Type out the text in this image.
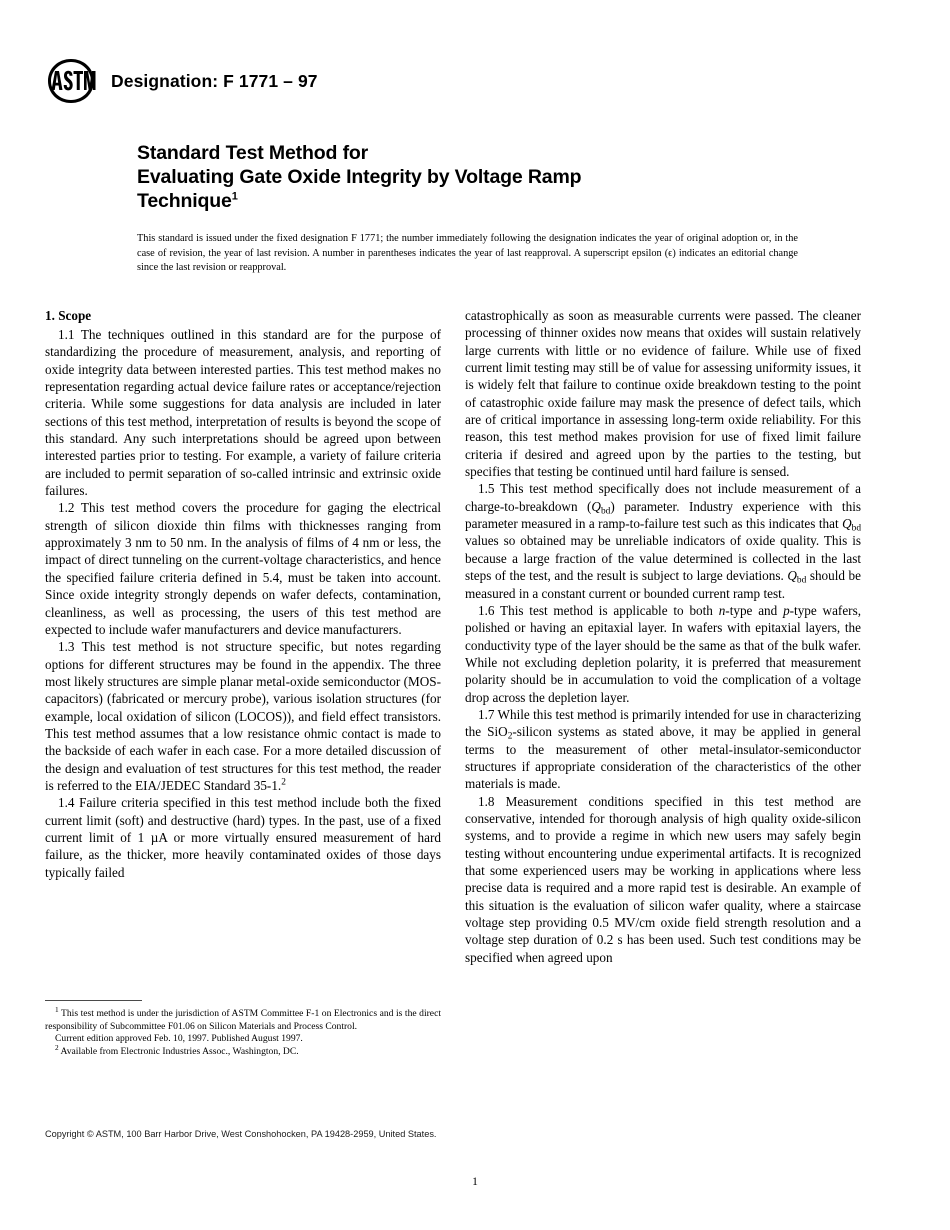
Designation: F 1771 – 97
Standard Test Method for
Evaluating Gate Oxide Integrity by Voltage Ramp
Technique$^1$
This standard is issued under the fixed designation F 1771; the number immediately following the designation indicates the year of original adoption or, in the case of revision, the year of last revision. A number in parentheses indicates the year of last reapproval. A superscript epsilon (ϵ) indicates an editorial change since the last revision or reapproval.
1. Scope

1.1 The techniques outlined in this standard are for the purpose of standardizing the procedure of measurement, analysis, and reporting of oxide integrity data between interested parties. This test method makes no representation regarding actual device failure rates or acceptance/rejection criteria. While some suggestions for data analysis are included in later sections of this test method, interpretation of results is beyond the scope of this standard. Any such interpretations should be agreed upon between interested parties prior to testing. For example, a variety of failure criteria are included to permit separation of so-called intrinsic and extrinsic oxide failures.

1.2 This test method covers the procedure for gaging the electrical strength of silicon dioxide thin films with thicknesses ranging from approximately 3 nm to 50 nm. In the analysis of films of 4 nm or less, the impact of direct tunneling on the current-voltage characteristics, and hence the specified failure criteria defined in 5.4, must be taken into account. Since oxide integrity strongly depends on wafer defects, contamination, cleanliness, as well as processing, the users of this test method are expected to include wafer manufacturers and device manufacturers.

1.3 This test method is not structure specific, but notes regarding options for different structures may be found in the appendix. The three most likely structures are simple planar metal-oxide semiconductor (MOS-capacitors) (fabricated or mercury probe), various isolation structures (for example, local oxidation of silicon (LOCOS)), and field effect transistors. This test method assumes that a low resistance ohmic contact is made to the backside of each wafer in each case. For a more detailed discussion of the design and evaluation of test structures for this test method, the reader is referred to the EIA/JEDEC Standard 35-1.$^2$

1.4 Failure criteria specified in this test method include both the fixed current limit (soft) and destructive (hard) types. In the past, use of a fixed current limit of 1 µA or more virtually ensured measurement of hard failure, as the thicker, more heavily contaminated oxides of those days typically failed

catastrophically as soon as measurable currents were passed. The cleaner processing of thinner oxides now means that oxides will sustain relatively large currents with little or no evidence of failure. While use of fixed current limit testing may still be of value for assessing uniformity issues, it is widely felt that failure to continue oxide breakdown testing to the point of catastrophic oxide failure may mask the presence of defect tails, which are of critical importance in assessing long-term oxide reliability. For this reason, this test method makes provision for use of fixed limit failure criteria if desired and agreed upon by the parties to the testing, but specifies that testing be continued until hard failure is sensed.

1.5 This test method specifically does not include measurement of a charge-to-breakdown $(Q_{bd})$ parameter. Industry experience with this parameter measured in a ramp-to-failure test such as this indicates that $Q_{bd}$ values so obtained may be unreliable indicators of oxide quality. This is because a large fraction of the value determined is collected in the last steps of the test, and the result is subject to large deviations. $Q_{bd}$ should be measured in a constant current or bounded current ramp test.

1.6 This test method is applicable to both n-type and p-type wafers, polished or having an epitaxial layer. In wafers with epitaxial layers, the conductivity type of the layer should be the same as that of the bulk wafer. While not excluding depletion polarity, it is preferred that measurement polarity should be in accumulation to void the complication of a voltage drop across the depletion layer.

1.7 While this test method is primarily intended for use in characterizing the SiO$_2$-silicon systems as stated above, it may be applied in general terms to the measurement of other metal-insulator-semiconductor structures if appropriate consideration of the characteristics of the other materials is made.

1.8 Measurement conditions specified in this test method are conservative, intended for thorough analysis of high quality oxide-silicon systems, and to provide a regime in which new users may safely begin testing without encountering undue experimental artifacts. It is recognized that some experienced users may be working in applications where less precise data is required and a more rapid test is desirable. An example of this situation is the evaluation of silicon wafer quality, where a staircase voltage step providing 0.5 MV/cm oxide field strength resolution and a voltage step duration of 0.2 s has been used. Such test conditions may be specified when agreed upon

$^1$ This test method is under the jurisdiction of ASTM Committee F-1 on Electronics and is the direct responsibility of Subcommittee F01.06 on Silicon Materials and Process Control.

Current edition approved Feb. 10, 1997. Published August 1997.

$^2$ Available from Electronic Industries Assoc., Washington, DC.

Copyright © ASTM, 100 Barr Harbor Drive, West Conshohocken, PA 19428-2959, United States.
1
